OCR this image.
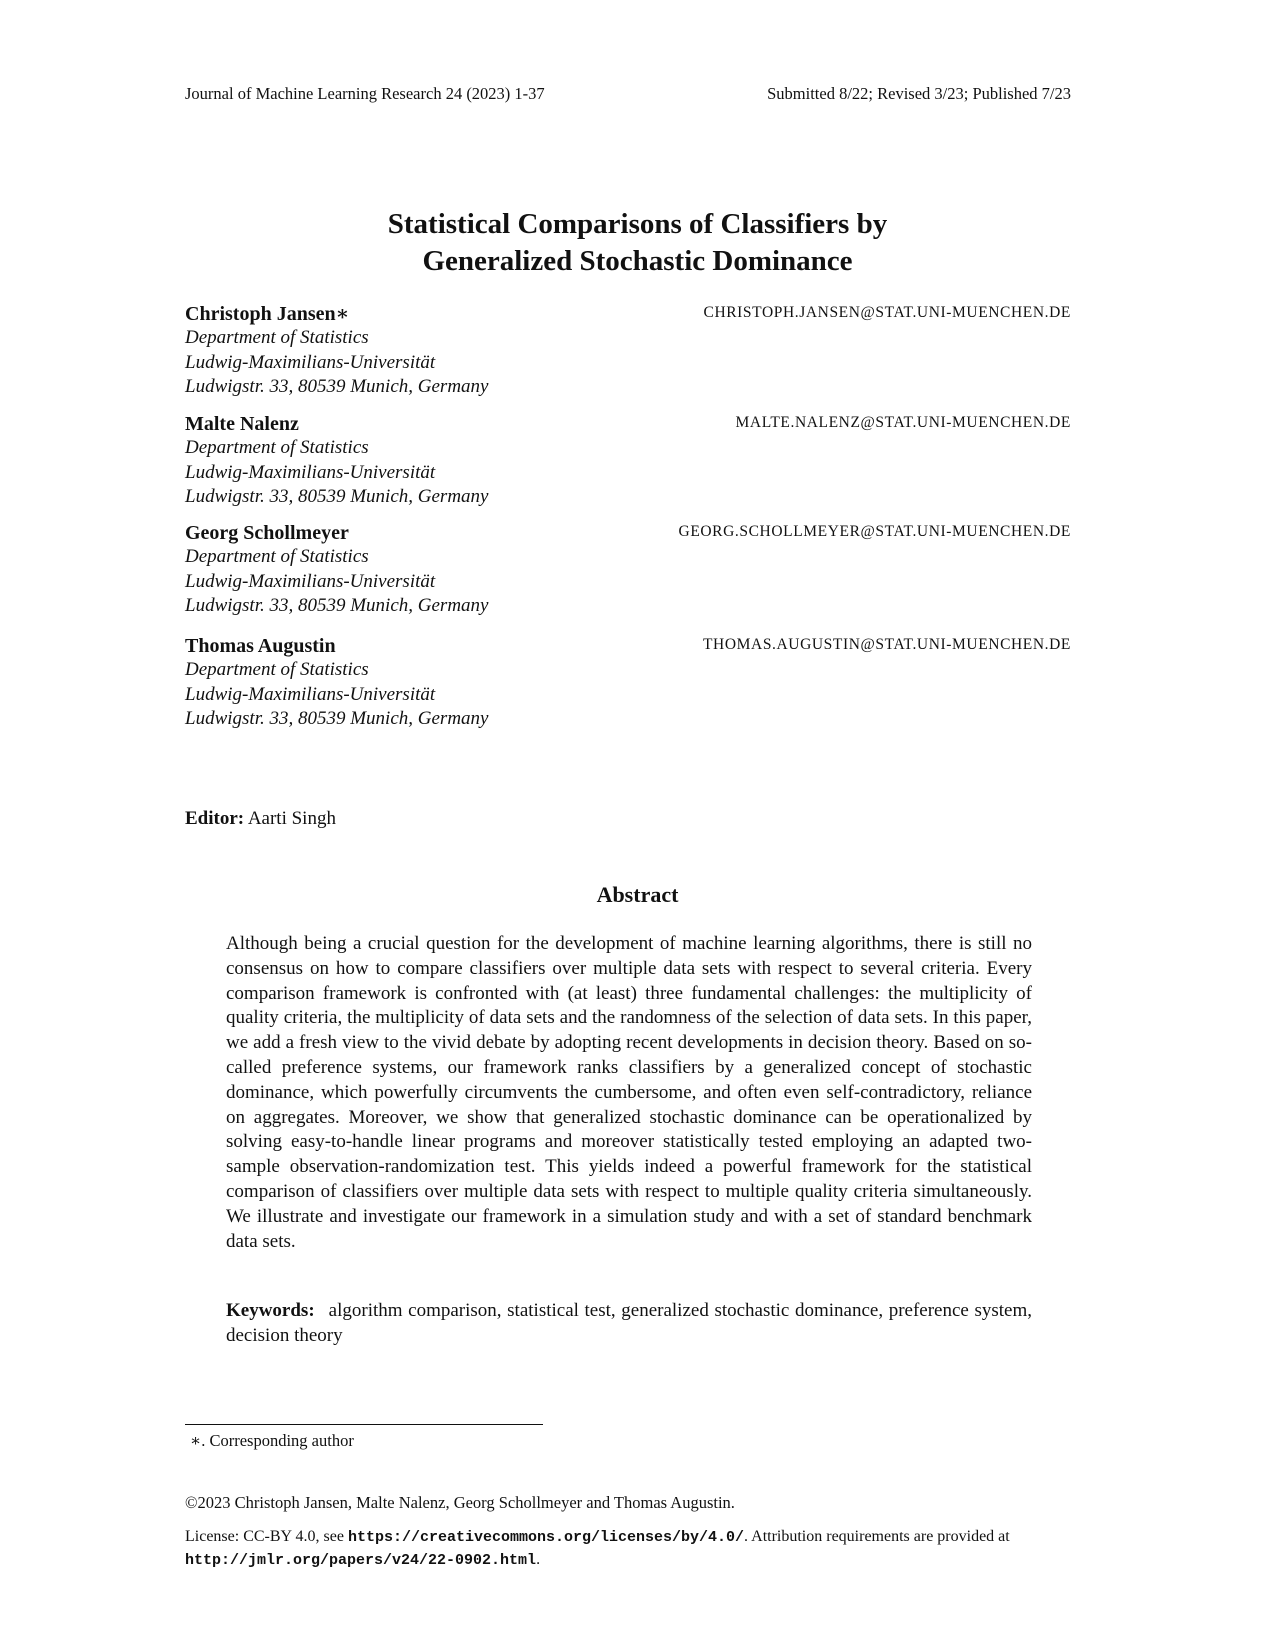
Journal of Machine Learning Research 24 (2023) 1-37	Submitted 8/22; Revised 3/23; Published 7/23
Statistical Comparisons of Classifiers by
Generalized Stochastic Dominance
Christoph Jansen∗	CHRISTOPH.JANSEN@STAT.UNI-MUENCHEN.DE
Department of Statistics
Ludwig-Maximilians-Universität
Ludwigstr. 33, 80539 Munich, Germany
Malte Nalenz	MALTE.NALENZ@STAT.UNI-MUENCHEN.DE
Department of Statistics
Ludwig-Maximilians-Universität
Ludwigstr. 33, 80539 Munich, Germany
Georg Schollmeyer	GEORG.SCHOLLMEYER@STAT.UNI-MUENCHEN.DE
Department of Statistics
Ludwig-Maximilians-Universität
Ludwigstr. 33, 80539 Munich, Germany
Thomas Augustin	THOMAS.AUGUSTIN@STAT.UNI-MUENCHEN.DE
Department of Statistics
Ludwig-Maximilians-Universität
Ludwigstr. 33, 80539 Munich, Germany
Editor: Aarti Singh
Abstract
Although being a crucial question for the development of machine learning algorithms, there is still no consensus on how to compare classifiers over multiple data sets with respect to several criteria. Every comparison framework is confronted with (at least) three fundamental challenges: the multiplicity of quality criteria, the multiplicity of data sets and the randomness of the selection of data sets. In this paper, we add a fresh view to the vivid debate by adopting recent developments in decision theory. Based on so-called preference systems, our framework ranks classifiers by a generalized concept of stochastic dominance, which powerfully circumvents the cumbersome, and often even self-contradictory, reliance on aggregates. Moreover, we show that generalized stochastic dominance can be operationalized by solving easy-to-handle linear programs and moreover statistically tested employing an adapted two-sample observation-randomization test. This yields indeed a powerful framework for the statistical comparison of classifiers over multiple data sets with respect to multiple quality criteria simultaneously. We illustrate and investigate our framework in a simulation study and with a set of standard benchmark data sets.
Keywords: algorithm comparison, statistical test, generalized stochastic dominance, preference system, decision theory
∗. Corresponding author
©2023 Christoph Jansen, Malte Nalenz, Georg Schollmeyer and Thomas Augustin.
License: CC-BY 4.0, see https://creativecommons.org/licenses/by/4.0/. Attribution requirements are provided at http://jmlr.org/papers/v24/22-0902.html.
